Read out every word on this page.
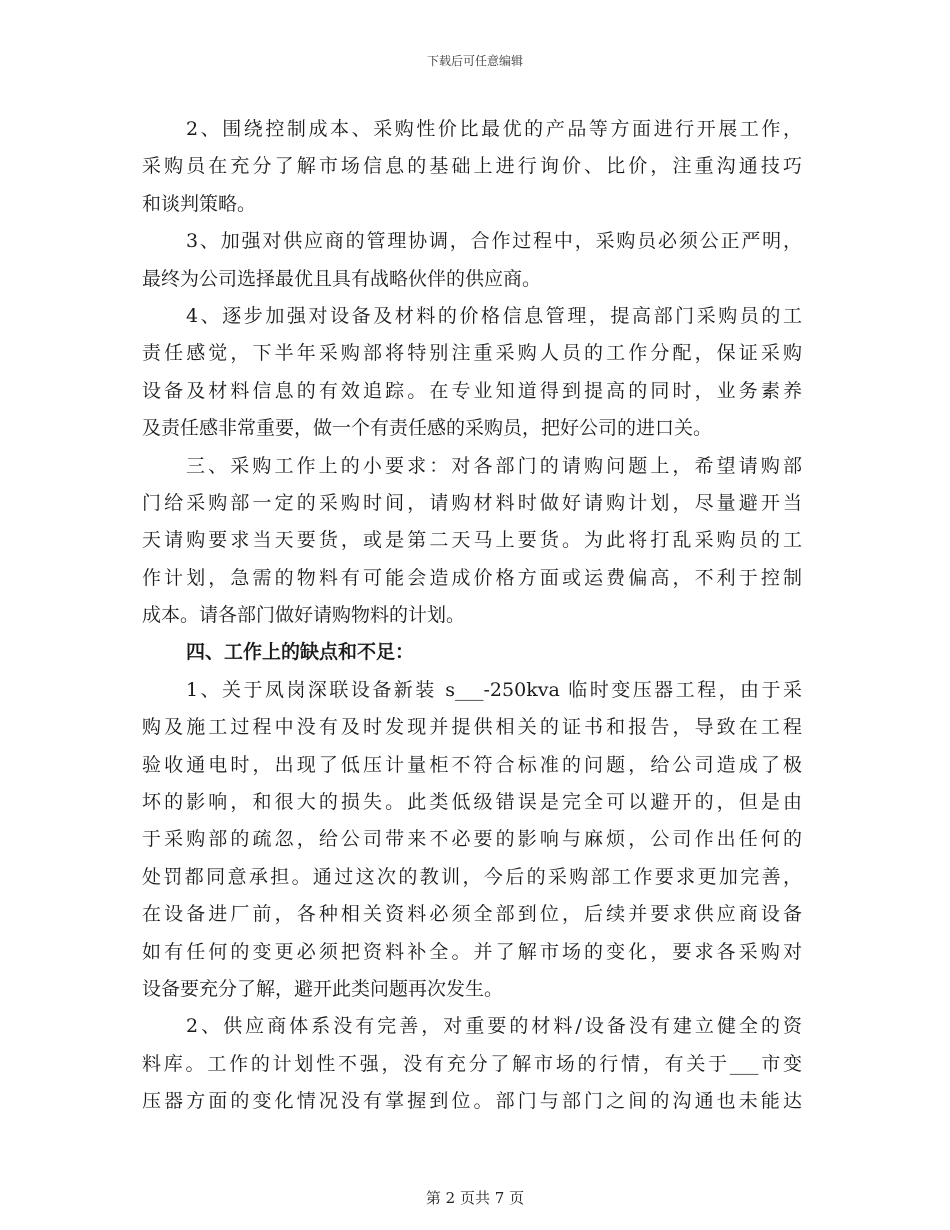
下载后可任意编辑
2、围绕控制成本、采购性价比最优的产品等方面进行开展工作，
采购员在充分了解市场信息的基础上进行询价、比价，注重沟通技巧
和谈判策略。
3、加强对供应商的管理协调，合作过程中，采购员必须公正严明，
最终为公司选择最优且具有战略伙伴的供应商。
4、逐步加强对设备及材料的价格信息管理，提高部门采购员的工
责任感觉，下半年采购部将特别注重采购人员的工作分配，保证采购
设备及材料信息的有效追踪。在专业知道得到提高的同时，业务素养
及责任感非常重要，做一个有责任感的采购员，把好公司的进口关。
三、采购工作上的小要求：对各部门的请购问题上，希望请购部
门给采购部一定的采购时间，请购材料时做好请购计划，尽量避开当
天请购要求当天要货，或是第二天马上要货。为此将打乱采购员的工
作计划，急需的物料有可能会造成价格方面或运费偏高，不利于控制
成本。请各部门做好请购物料的计划。
四、工作上的缺点和不足：
1、关于凤岗深联设备新装 s___-250kva 临时变压器工程，由于采
购及施工过程中没有及时发现并提供相关的证书和报告，导致在工程
验收通电时，出现了低压计量柜不符合标准的问题，给公司造成了极
坏的影响，和很大的损失。此类低级错误是完全可以避开的，但是由
于采购部的疏忽，给公司带来不必要的影响与麻烦，公司作出任何的
处罚都同意承担。通过这次的教训，今后的采购部工作要求更加完善，
在设备进厂前，各种相关资料必须全部到位，后续并要求供应商设备
如有任何的变更必须把资料补全。并了解市场的变化，要求各采购对
设备要充分了解，避开此类问题再次发生。
2、供应商体系没有完善，对重要的材料/设备没有建立健全的资
料库。工作的计划性不强，没有充分了解市场的行情，有关于___市变
压器方面的变化情况没有掌握到位。部门与部门之间的沟通也未能达
第 2 页共 7 页
